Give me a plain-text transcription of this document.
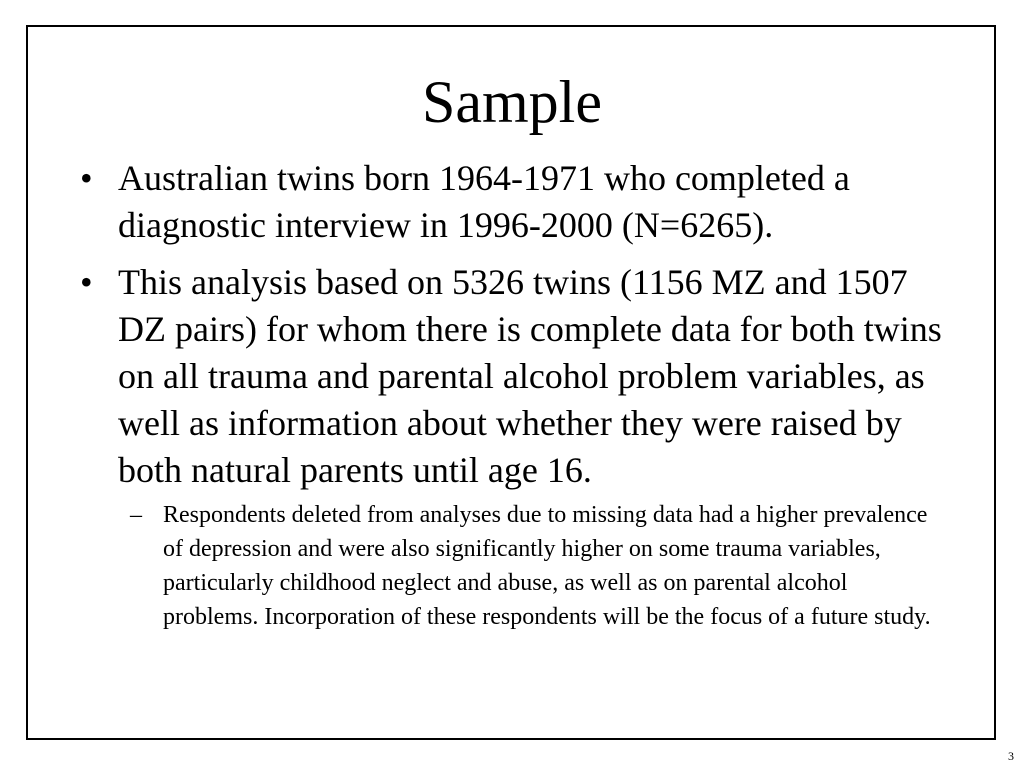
Sample
• Australian twins born 1964-1971 who completed a diagnostic interview in 1996-2000 (N=6265).
• This analysis based on 5326 twins (1156 MZ and 1507 DZ pairs) for whom there is complete data for both twins on all trauma and parental alcohol problem variables, as well as information about whether they were raised by both natural parents until age 16.
– Respondents deleted from analyses due to missing data had a higher prevalence of depression and were also significantly higher on some trauma variables, particularly childhood neglect and abuse, as well as on parental alcohol problems. Incorporation of these respondents will be the focus of a future study.
3
